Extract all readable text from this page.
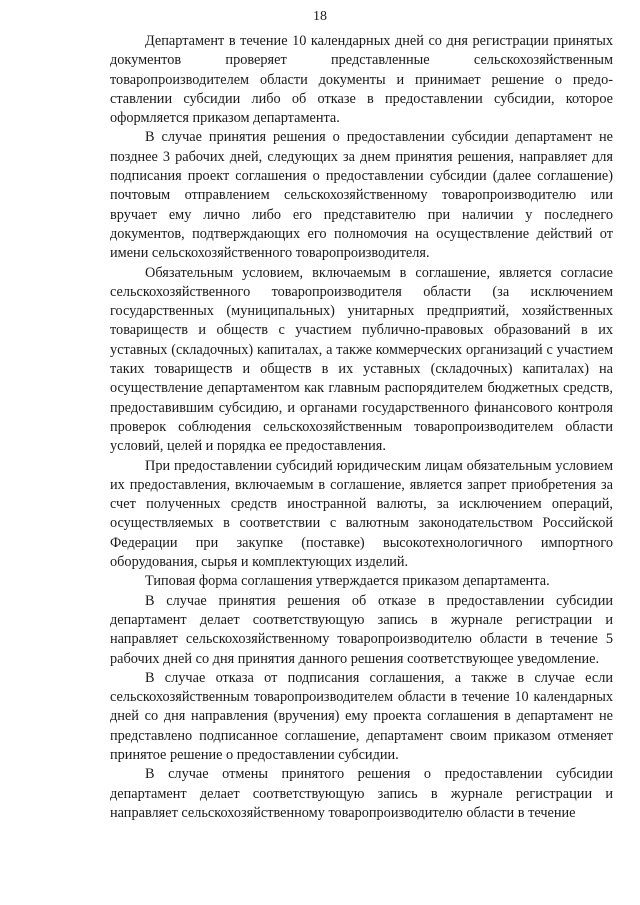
18

Департамент в течение 10 календарных дней со дня регистрации принятых документов проверяет представленные сельскохозяйственным товаропроизводителем области документы и принимает решение о предоставлении субсидии либо об отказе в предоставлении субсидии, которое оформляется приказом департамента.

В случае принятия решения о предоставлении субсидии департамент не позднее 3 рабочих дней, следующих за днем принятия решения, направляет для подписания проект соглашения о предоставлении субсидии (далее соглашение) почтовым отправлением сельскохозяйственному товаропроизводителю или вручает ему лично либо его представителю при наличии у последнего документов, подтверждающих его полномочия на осуществление действий от имени сельскохозяйственного товаропроизводителя.

Обязательным условием, включаемым в соглашение, является согласие сельскохозяйственного товаропроизводителя области (за исключением государственных (муниципальных) унитарных предприятий, хозяйственных товариществ и обществ с участием публично-правовых образований в их уставных (складочных) капиталах, а также коммерческих организаций с участием таких товариществ и обществ в их уставных (складочных) капиталах) на осуществление департаментом как главным распорядителем бюджетных средств, предоставившим субсидию, и органами государственного финансового контроля проверок соблюдения сельскохозяйственным товаропроизводителем области условий, целей и порядка ее предоставления.

При предоставлении субсидий юридическим лицам обязательным условием их предоставления, включаемым в соглашение, является запрет приобретения за счет полученных средств иностранной валюты, за исключением операций, осуществляемых в соответствии с валютным законодательством Российской Федерации при закупке (поставке) высокотехнологичного импортного оборудования, сырья и комплектующих изделий.

Типовая форма соглашения утверждается приказом департамента.

В случае принятия решения об отказе в предоставлении субсидии департамент делает соответствующую запись в журнале регистрации и направляет сельскохозяйственному товаропроизводителю области в течение 5 рабочих дней со дня принятия данного решения соответствующее уведомление.

В случае отказа от подписания соглашения, а также в случае если сельскохозяйственным товаропроизводителем области в течение 10 календарных дней со дня направления (вручения) ему проекта соглашения в департамент не представлено подписанное соглашение, департамент своим приказом отменяет принятое решение о предоставлении субсидии.

В случае отмены принятого решения о предоставлении субсидии департамент делает соответствующую запись в журнале регистрации и направляет сельскохозяйственному товаропроизводителю области в течение
